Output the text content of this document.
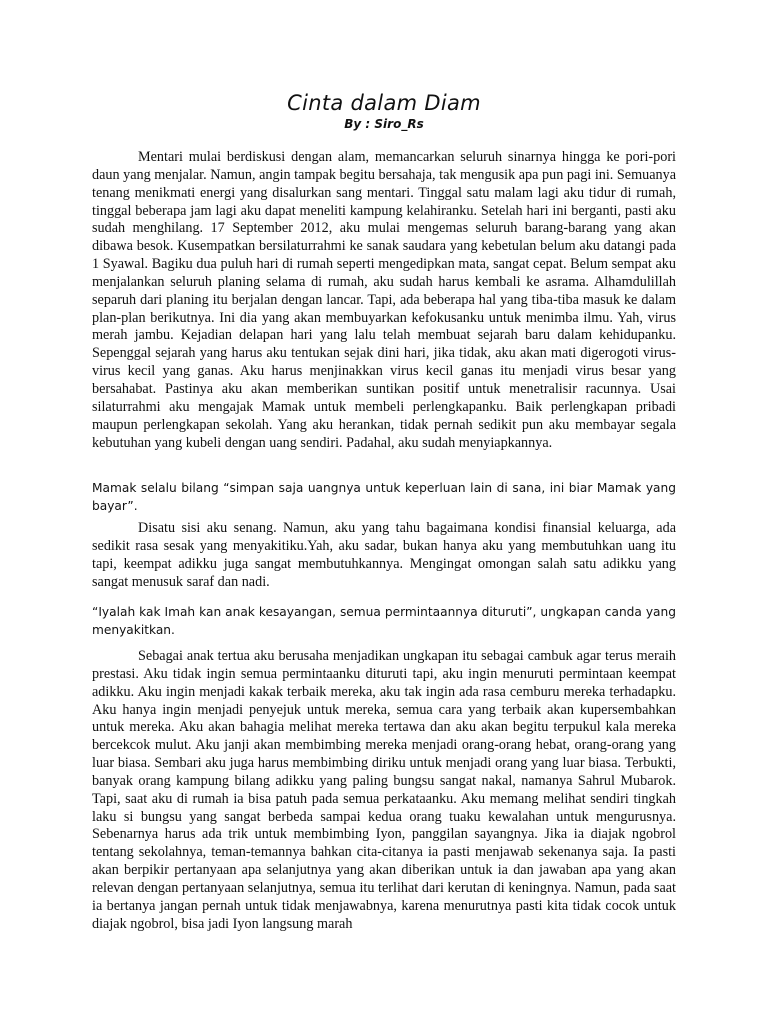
Cinta dalam Diam
By : Siro_Rs

Mentari mulai berdiskusi dengan alam, memancarkan seluruh sinarnya hingga ke pori-pori daun yang menjalar. Namun, angin tampak begitu bersahaja, tak mengusik apa pun pagi ini. Semuanya tenang menikmati energi yang disalurkan sang mentari. Tinggal satu malam lagi aku tidur di rumah, tinggal beberapa jam lagi aku dapat meneliti kampung kelahiranku. Setelah hari ini berganti, pasti aku sudah menghilang. 17 September 2012, aku mulai mengemas seluruh barang-barang yang akan dibawa besok. Kusempatkan bersilaturrahmi ke sanak saudara yang kebetulan belum aku datangi pada 1 Syawal. Bagiku dua puluh hari di rumah seperti mengedipkan mata, sangat cepat. Belum sempat aku menjalankan seluruh planing selama di rumah, aku sudah harus kembali ke asrama. Alhamdulillah separuh dari planing itu berjalan dengan lancar. Tapi, ada beberapa hal yang tiba-tiba masuk ke dalam plan-plan berikutnya. Ini dia yang akan membuyarkan kefokusanku untuk menimba ilmu. Yah, virus merah jambu. Kejadian delapan hari yang lalu telah membuat sejarah baru dalam kehidupanku. Sepenggal sejarah yang harus aku tentukan sejak dini hari, jika tidak, aku akan mati digerogoti virus-virus kecil yang ganas. Aku harus menjinakkan virus kecil ganas itu menjadi virus besar yang bersahabat. Pastinya aku akan memberikan suntikan positif untuk menetralisir racunnya. Usai silaturrahmi aku mengajak Mamak untuk membeli perlengkapanku. Baik perlengkapan pribadi maupun perlengkapan sekolah. Yang aku herankan, tidak pernah sedikit pun aku membayar segala kebutuhan yang kubeli dengan uang sendiri. Padahal, aku sudah menyiapkannya.

Mamak selalu bilang “simpan saja uangnya untuk keperluan lain di sana, ini biar Mamak yang bayar”.

Disatu sisi aku senang. Namun, aku yang tahu bagaimana kondisi finansial keluarga, ada sedikit rasa sesak yang menyakitiku.Yah, aku sadar, bukan hanya aku yang membutuhkan uang itu tapi, keempat adikku juga sangat membutuhkannya. Mengingat omongan salah satu adikku yang sangat menusuk saraf dan nadi.

“Iyalah kak Imah kan anak kesayangan, semua permintaannya dituruti”, ungkapan canda yang menyakitkan.

Sebagai anak tertua aku berusaha menjadikan ungkapan itu sebagai cambuk agar terus meraih prestasi. Aku tidak ingin semua permintaanku dituruti tapi, aku ingin menuruti permintaan keempat adikku. Aku ingin menjadi kakak terbaik mereka, aku tak ingin ada rasa cemburu mereka terhadapku. Aku hanya ingin menjadi penyejuk untuk mereka, semua cara yang terbaik akan kupersembahkan untuk mereka. Aku akan bahagia melihat mereka tertawa dan aku akan begitu terpukul kala mereka bercekcok mulut. Aku janji akan membimbing mereka menjadi orang-orang hebat, orang-orang yang luar biasa. Sembari aku juga harus membimbing diriku untuk menjadi orang yang luar biasa. Terbukti, banyak orang kampung bilang adikku yang paling bungsu sangat nakal, namanya Sahrul Mubarok. Tapi, saat aku di rumah ia bisa patuh pada semua perkataanku. Aku memang melihat sendiri tingkah laku si bungsu yang sangat berbeda sampai kedua orang tuaku kewalahan untuk mengurusnya. Sebenarnya harus ada trik untuk membimbing Iyon, panggilan sayangnya. Jika ia diajak ngobrol tentang sekolahnya, teman-temannya bahkan cita-citanya ia pasti menjawab sekenanya saja. Ia pasti akan berpikir pertanyaan apa selanjutnya yang akan diberikan untuk ia dan jawaban apa yang akan relevan dengan pertanyaan selanjutnya, semua itu terlihat dari kerutan di keningnya. Namun, pada saat ia bertanya jangan pernah untuk tidak menjawabnya, karena menurutnya pasti kita tidak cocok untuk diajak ngobrol, bisa jadi Iyon langsung marah
